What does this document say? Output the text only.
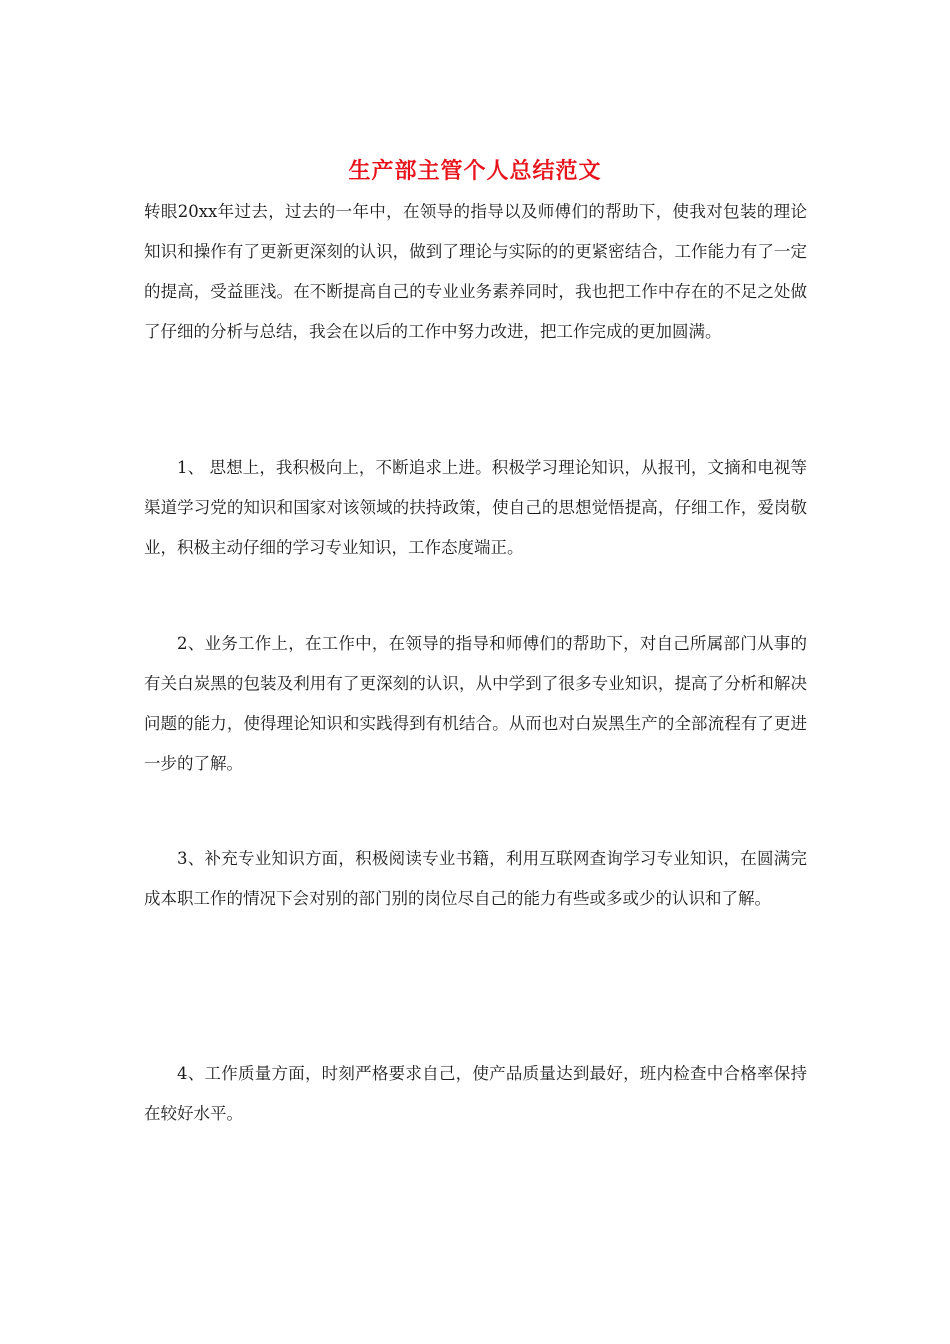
生产部主管个人总结范文

转眼20xx年过去，过去的一年中，在领导的指导以及师傅们的帮助下，使我对包装的理论知识和操作有了更新更深刻的认识，做到了理论与实际的的更紧密结合，工作能力有了一定的提高，受益匪浅。在不断提高自己的专业业务素养同时，我也把工作中存在的不足之处做了仔细的分析与总结，我会在以后的工作中努力改进，把工作完成的更加圆满。

1、 思想上，我积极向上，不断追求上进。积极学习理论知识，从报刊，文摘和电视等渠道学习党的知识和国家对该领域的扶持政策，使自己的思想觉悟提高，仔细工作，爱岗敬业，积极主动仔细的学习专业知识，工作态度端正。

2、业务工作上，在工作中，在领导的指导和师傅们的帮助下，对自己所属部门从事的有关白炭黑的包装及利用有了更深刻的认识，从中学到了很多专业知识，提高了分析和解决问题的能力，使得理论知识和实践得到有机结合。从而也对白炭黑生产的全部流程有了更进一步的了解。

3、补充专业知识方面，积极阅读专业书籍，利用互联网查询学习专业知识，在圆满完成本职工作的情况下会对别的部门别的岗位尽自己的能力有些或多或少的认识和了解。

4、工作质量方面，时刻严格要求自己，使产品质量达到最好，班内检查中合格率保持在较好水平。
